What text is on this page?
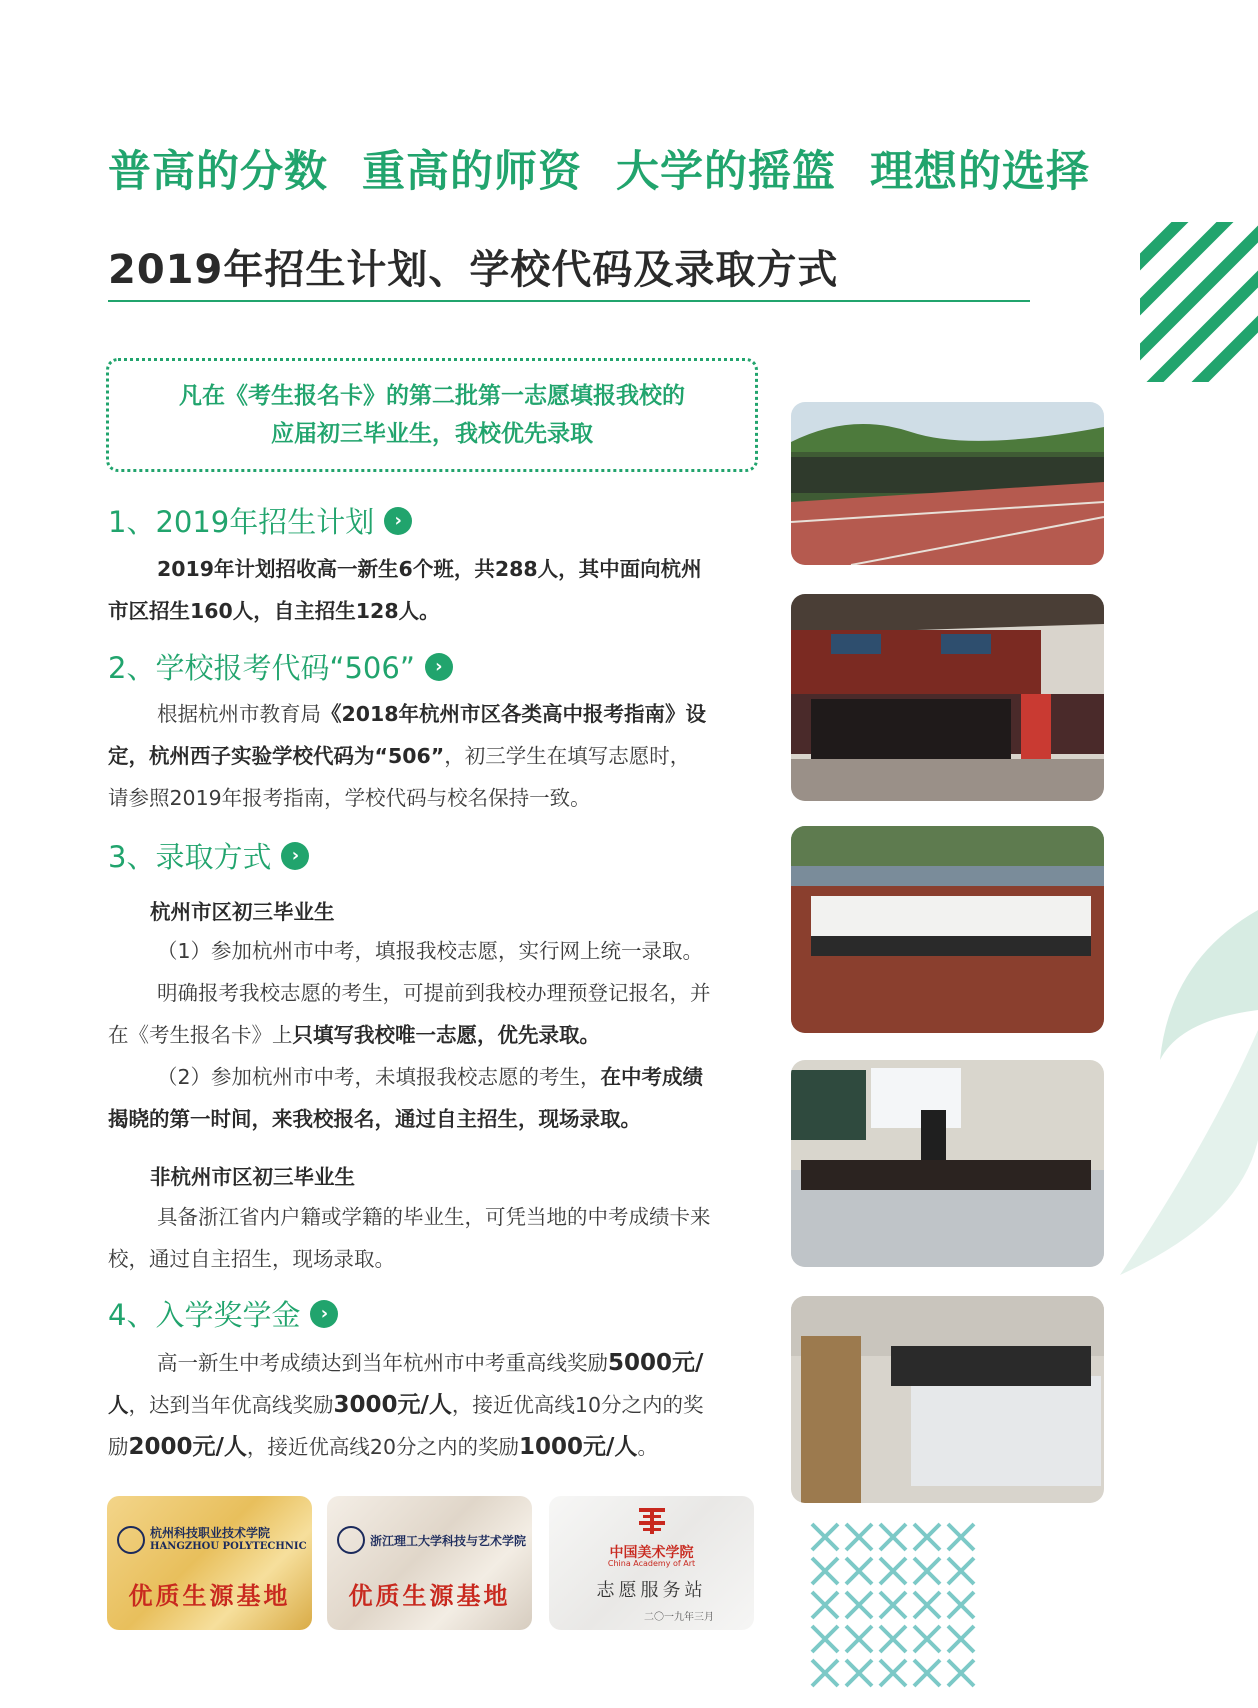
普高的分数 重高的师资 大学的摇篮 理想的选择
2019年招生计划、学校代码及录取方式
凡在《考生报名卡》的第二批第一志愿填报我校的
应届初三毕业生，我校优先录取
1、2019年招生计划	›
2019年计划招收高一新生6个班，共288人，其中面向杭州
市区招生160人，自主招生128人。
2、学校报考代码“506”	›
根据杭州市教育局《2018年杭州市区各类高中报考指南》设
定，杭州西子实验学校代码为“506”，初三学生在填写志愿时，
请参照2019年报考指南，学校代码与校名保持一致。
3、录取方式	›
杭州市区初三毕业生
（1）参加杭州市中考，填报我校志愿，实行网上统一录取。
明确报考我校志愿的考生，可提前到我校办理预登记报名，并
在《考生报名卡》上只填写我校唯一志愿，优先录取。
（2）参加杭州市中考，未填报我校志愿的考生，在中考成绩
揭晓的第一时间，来我校报名，通过自主招生，现场录取。
非杭州市区初三毕业生
具备浙江省内户籍或学籍的毕业生，可凭当地的中考成绩卡来
校，通过自主招生，现场录取。
4、入学奖学金	›
高一新生中考成绩达到当年杭州市中考重高线奖励5000元/
人，达到当年优高线奖励3000元/人，接近优高线10分之内的奖
励2000元/人，接近优高线20分之内的奖励1000元/人。
杭州科技职业技术学院
HANGZHOU POLYTECHNIC
优质生源基地
浙江理工大学科技与艺术学院
优质生源基地
中国美术学院
China Academy of Art
志愿服务站
二〇一九年三月
